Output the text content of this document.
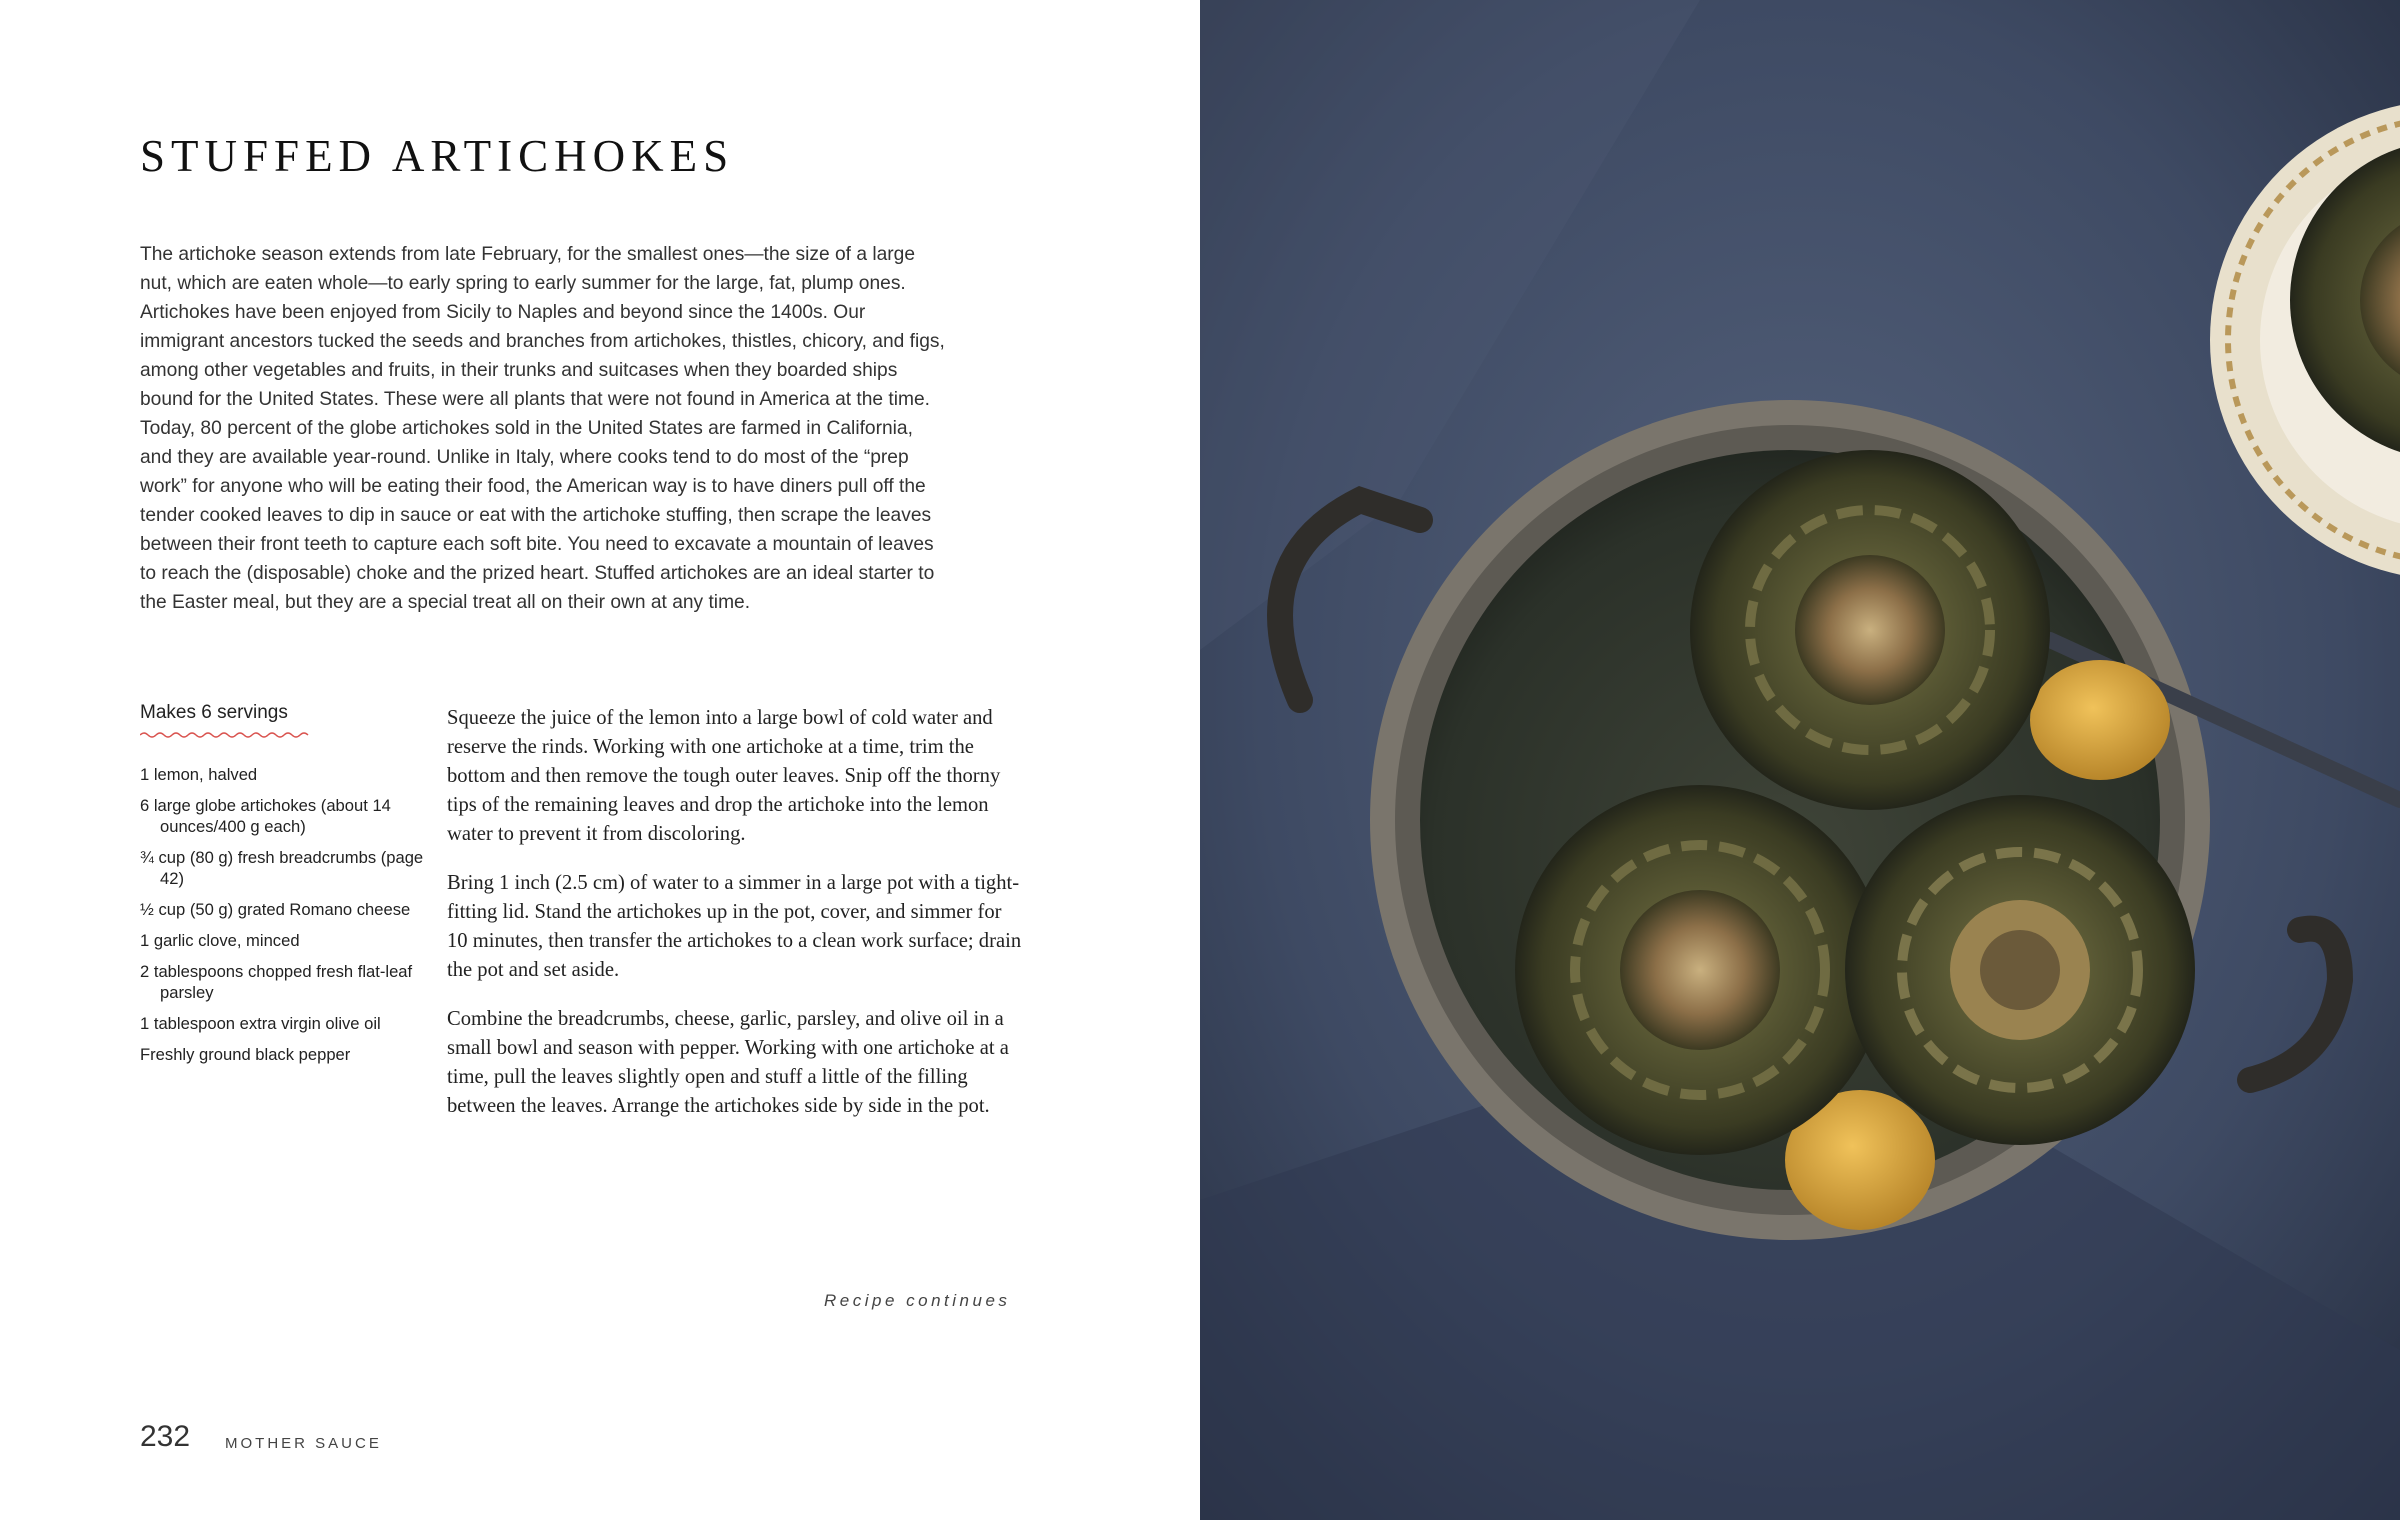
STUFFED ARTICHOKES

The artichoke season extends from late February, for the smallest ones—the size of a large nut, which are eaten whole—to early spring to early summer for the large, fat, plump ones. Artichokes have been enjoyed from Sicily to Naples and beyond since the 1400s. Our immigrant ancestors tucked the seeds and branches from artichokes, thistles, chicory, and figs, among other vegetables and fruits, in their trunks and suitcases when they boarded ships bound for the United States. These were all plants that were not found in America at the time. Today, 80 percent of the globe artichokes sold in the United States are farmed in California, and they are available year-round. Unlike in Italy, where cooks tend to do most of the “prep work” for anyone who will be eating their food, the American way is to have diners pull off the tender cooked leaves to dip in sauce or eat with the artichoke stuffing, then scrape the leaves between their front teeth to capture each soft bite. You need to excavate a mountain of leaves to reach the (disposable) choke and the prized heart. Stuffed artichokes are an ideal starter to the Easter meal, but they are a special treat all on their own at any time.

Makes 6 servings

1 lemon, halved
6 large globe artichokes (about 14 ounces/400 g each)
¾ cup (80 g) fresh breadcrumbs (page 42)
½ cup (50 g) grated Romano cheese
1 garlic clove, minced
2 tablespoons chopped fresh flat-leaf parsley
1 tablespoon extra virgin olive oil
Freshly ground black pepper

Squeeze the juice of the lemon into a large bowl of cold water and reserve the rinds. Working with one artichoke at a time, trim the bottom and then remove the tough outer leaves. Snip off the thorny tips of the remaining leaves and drop the artichoke into the lemon water to prevent it from discoloring.

Bring 1 inch (2.5 cm) of water to a simmer in a large pot with a tight-fitting lid. Stand the artichokes up in the pot, cover, and simmer for 10 minutes, then transfer the artichokes to a clean work surface; drain the pot and set aside.

Combine the breadcrumbs, cheese, garlic, parsley, and olive oil in a small bowl and season with pepper. Working with one artichoke at a time, pull the leaves slightly open and stuff a little of the filling between the leaves. Arrange the artichokes side by side in the pot.

Recipe continues

232 MOTHER SAUCE
